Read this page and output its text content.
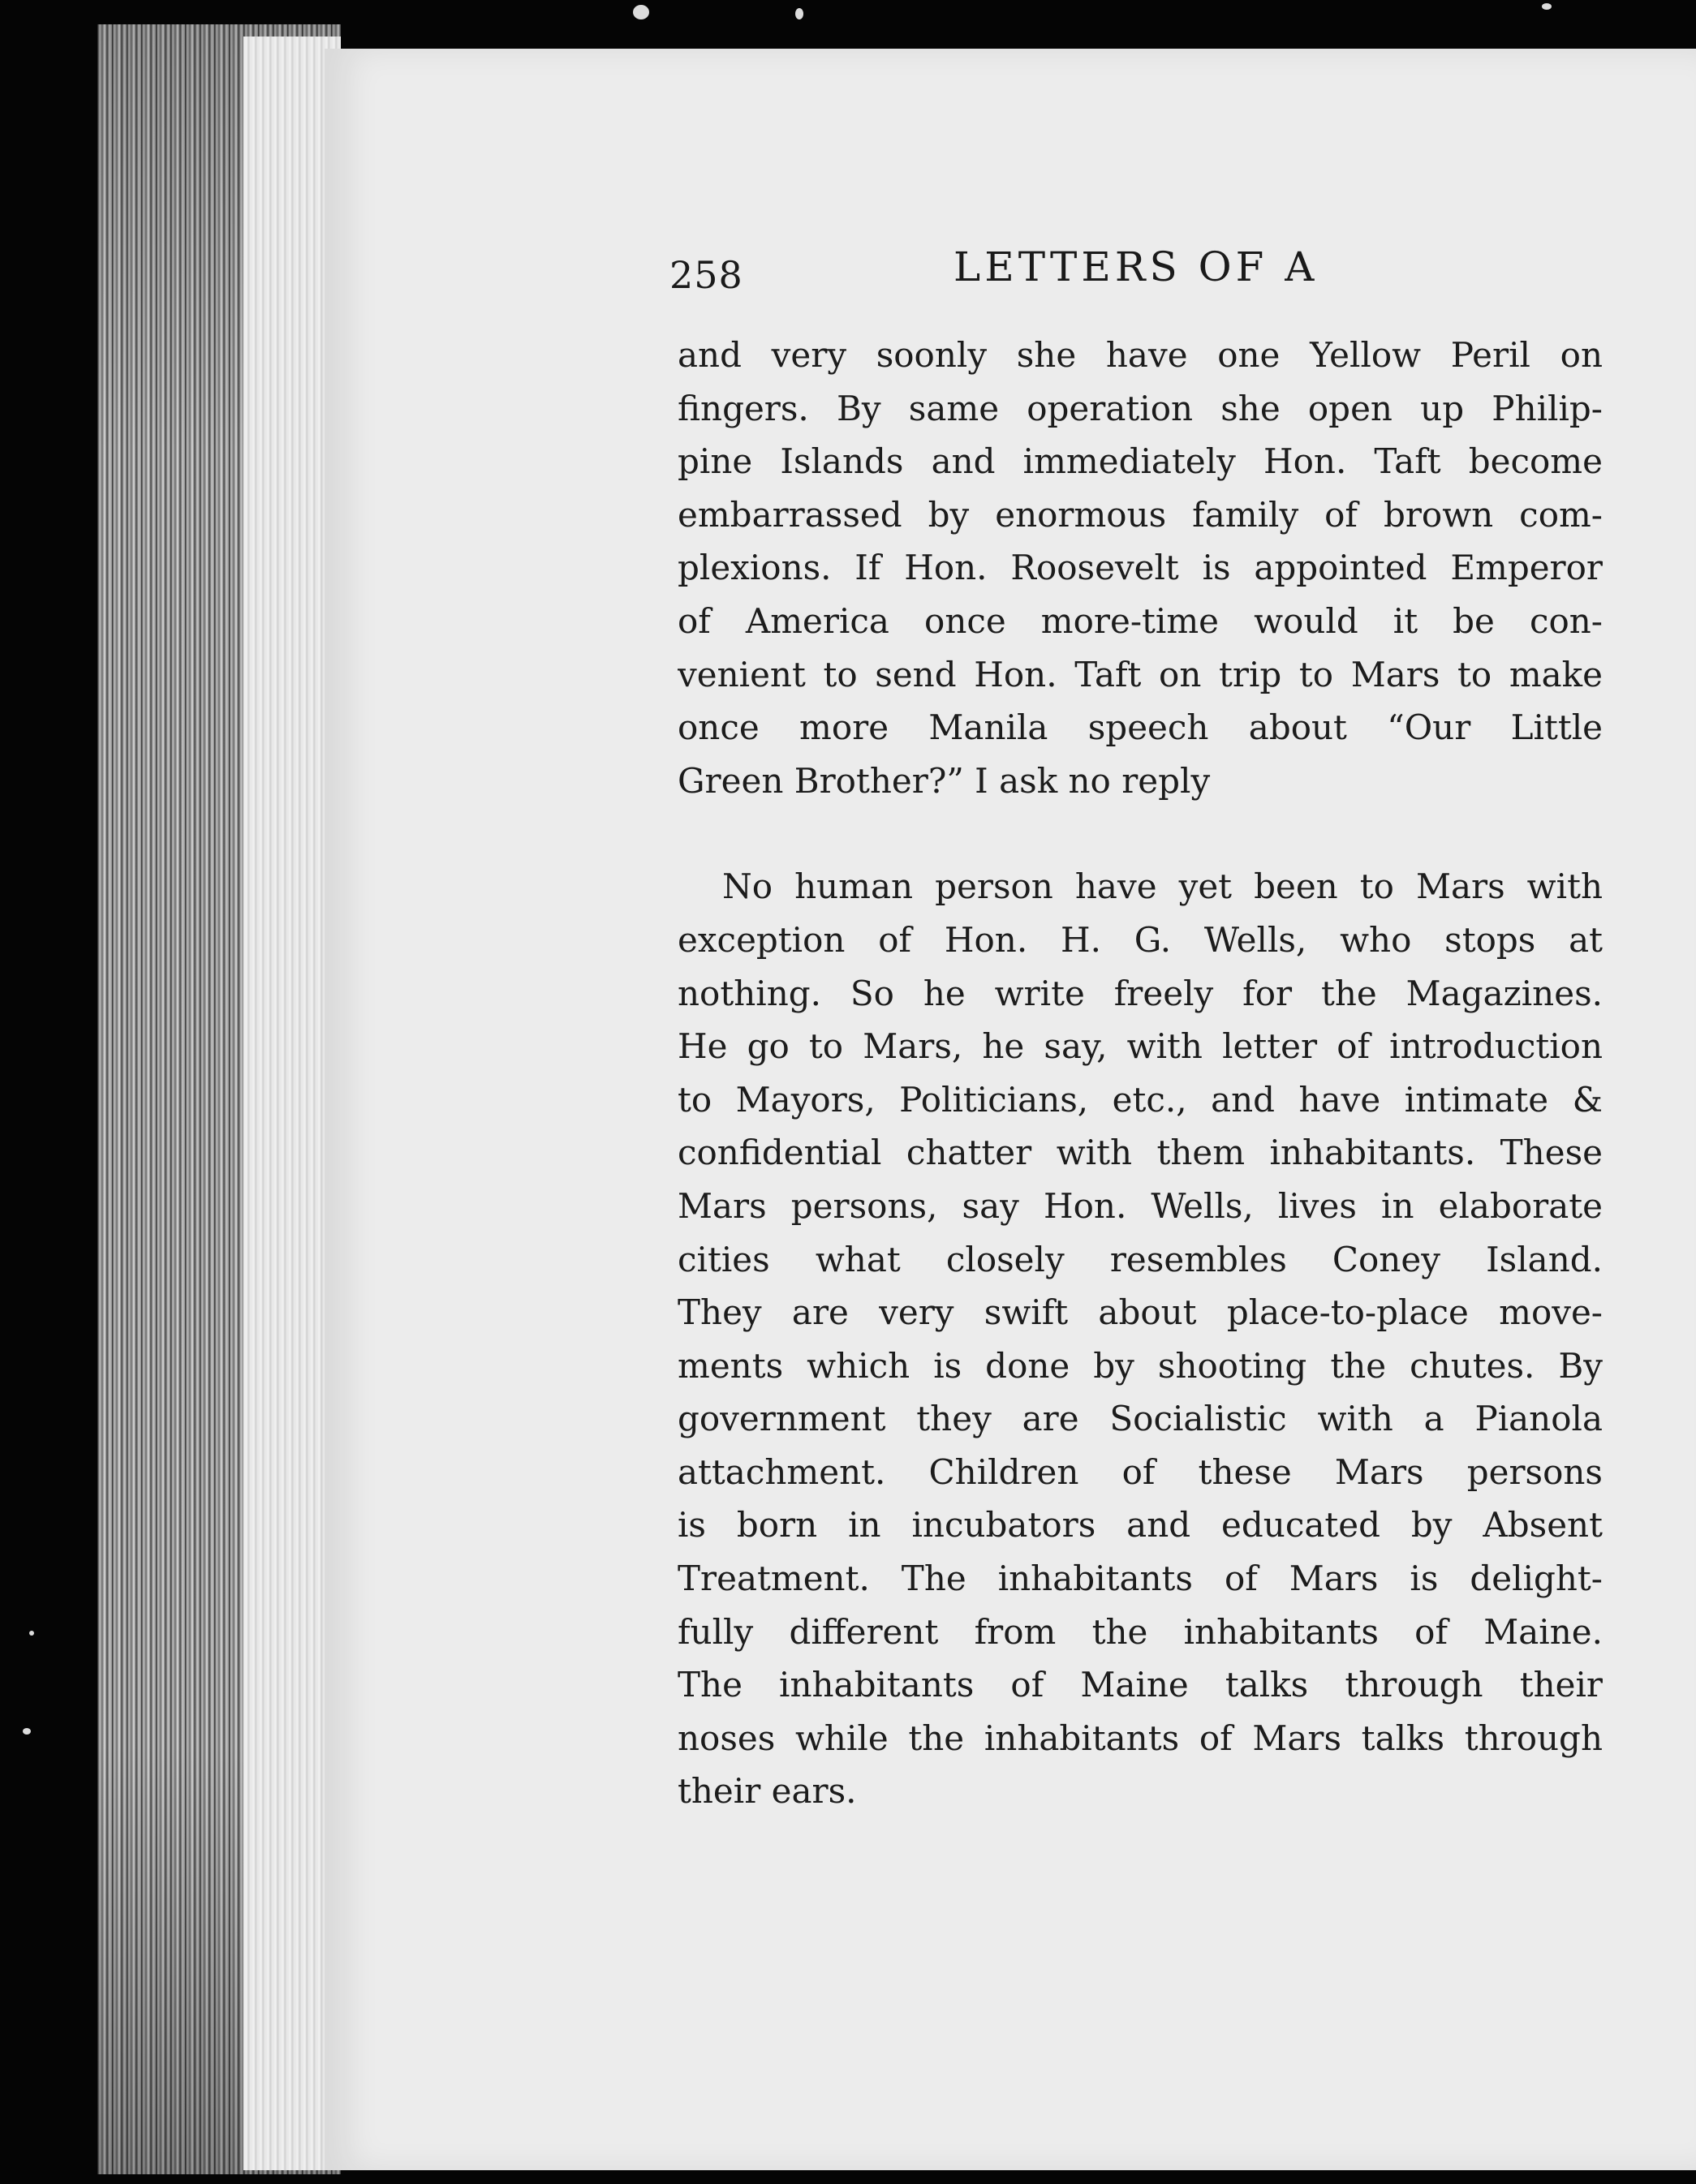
258	LETTERS OF A
and very soonly she have one Yellow Peril on
fingers. By same operation she open up Philip-
pine Islands and immediately Hon. Taft become
embarrassed by enormous family of brown com-
plexions. If Hon. Roosevelt is appointed Emperor
of America once more-time would it be con-
venient to send Hon. Taft on trip to Mars to make
once more Manila speech about “Our Little
Green Brother?” I ask no reply
No human person have yet been to Mars with
exception of Hon. H. G. Wells, who stops at
nothing. So he write freely for the Magazines.
He go to Mars, he say, with letter of introduction
to Mayors, Politicians, etc., and have intimate &
confidential chatter with them inhabitants. These
Mars persons, say Hon. Wells, lives in elaborate
cities what closely resembles Coney Island.
They are very swift about place-to-place move-
ments which is done by shooting the chutes. By
government they are Socialistic with a Pianola
attachment. Children of these Mars persons
is born in incubators and educated by Absent
Treatment. The inhabitants of Mars is delight-
fully different from the inhabitants of Maine.
The inhabitants of Maine talks through their
noses while the inhabitants of Mars talks through
their ears.
